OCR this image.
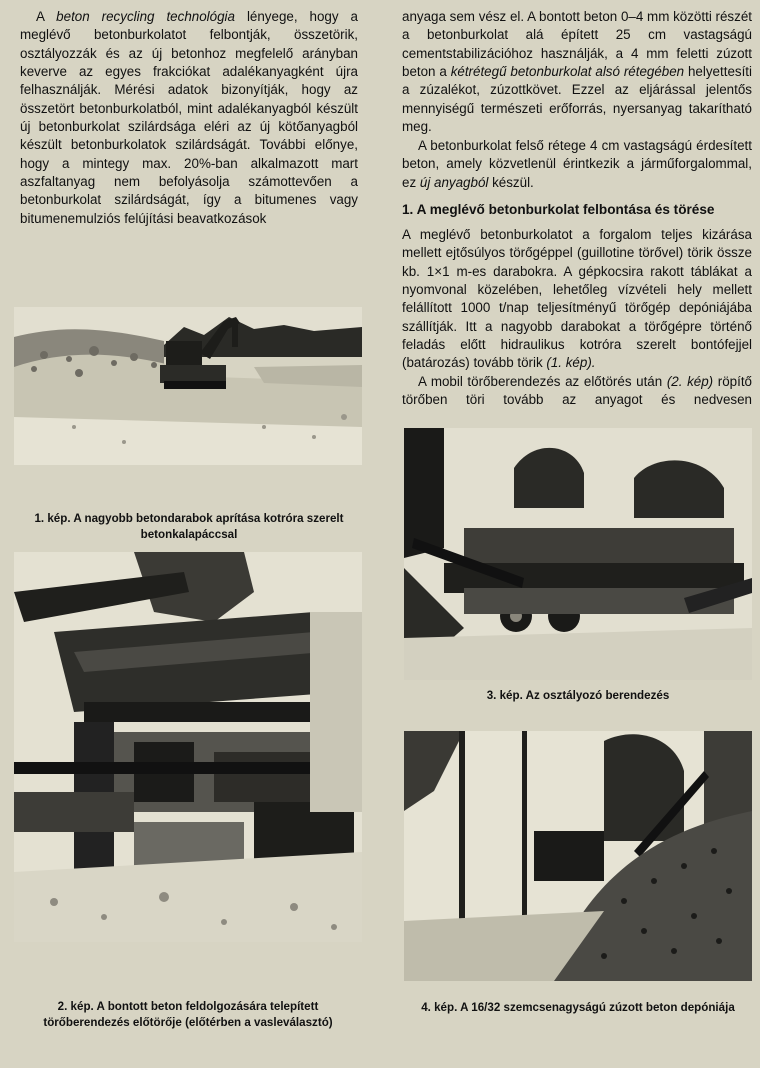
A beton recycling technológia lényege, hogy a meglévő betonburkolatot felbontják, összetörik, osztályozzák és az új betonhoz megfelelő arányban keverve az egyes frakciókat adalékanyagként újra felhasználják. Mérési adatok bizonyítják, hogy az összetört betonburkolatból, mint adalékanyagból készült új betonburkolat szilárdsága eléri az új kötőanyagból készült betonburkolatok szilárdságát. További előnye, hogy a mintegy max. 20%-ban alkalmazott mart aszfaltanyag nem befolyásolja számottevően a betonburkolat szilárdságát, így a bitumenes vagy bitumenemulziós felújítási beavatkozások

anyaga sem vész el. A bontott beton 0–4 mm közötti részét a betonburkolat alá épített 25 cm vastagságú cementstabilizációhoz használják, a 4 mm feletti zúzott beton a kétrétegű betonburkolat alsó rétegében helyettesíti a zúzalékot, zúzottkövet. Ezzel az eljárással jelentős mennyiségű természeti erőforrás, nyersanyag takarítható meg.

A betonburkolat felső rétege 4 cm vastagságú érdesített beton, amely közvetlenül érintkezik a járműforgalommal, ez új anyagból készül.

1. A meglévő betonburkolat felbontása és törése

A meglévő betonburkolatot a forgalom teljes kizárása mellett ejtősúlyos törőgéppel (guillotine törővel) törik össze kb. 1×1 m-es darabokra. A gépkocsira rakott táblákat a nyomvonal közelében, lehetőleg vízvételi hely mellett felállított 1000 t/nap teljesítményű törőgép depóniájába szállítják. Itt a nagyobb darabokat a törőgépre történő feladás előtt hidraulikus kotrórа szerelt bontófejjel (batározás) tovább törik (1. kép).

A mobil törőberendezés az előtörés után (2. kép) röpítő törőben töri tovább az anyagot és nedvesen

1. kép. A nagyobb betondarabok aprítása kotrórа szerelt betonkalapáccsal

2. kép. A bontott beton feldolgozására telepített törőberendezés előtörője (előtérben a vasleválasztó)

3. kép. Az osztályozó berendezés

4. kép. A 16/32 szemcsenagyságú zúzott beton depóniája
